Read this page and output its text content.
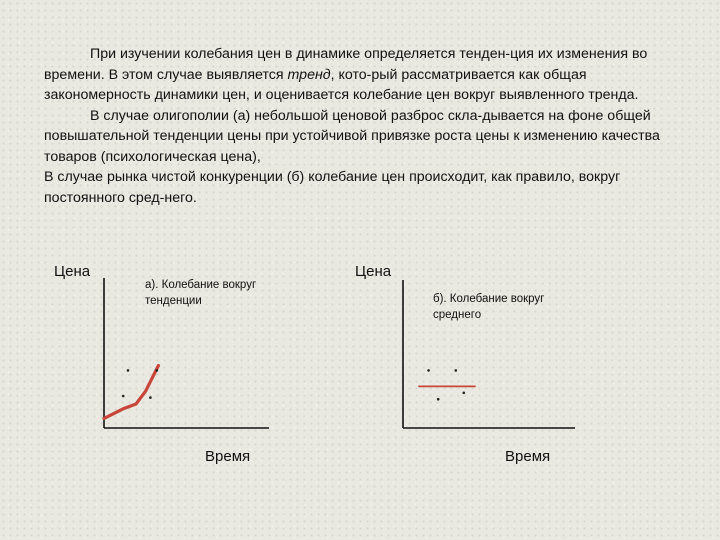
При изучении колебания цен в динамике определяется тенден-ция их изменения во времени. В этом случае выявляется тренд, кото-рый рассматривается как общая закономерность динамики цен, и оценивается колебание цен вокруг выявленного тренда.

В случае олигополии (а) небольшой ценовой разброс скла-дывается на фоне общей повышательной тенденции цены при устойчивой привязке роста цены к изменению качества товаров (психологическая цена),

В случае рынка чистой конкуренции (б) колебание цен происходит, как правило, вокруг постоянного сред-него.

Цена
а). Колебание вокруг тенденции
Время
Цена
б). Колебание вокруг среднего
Время
